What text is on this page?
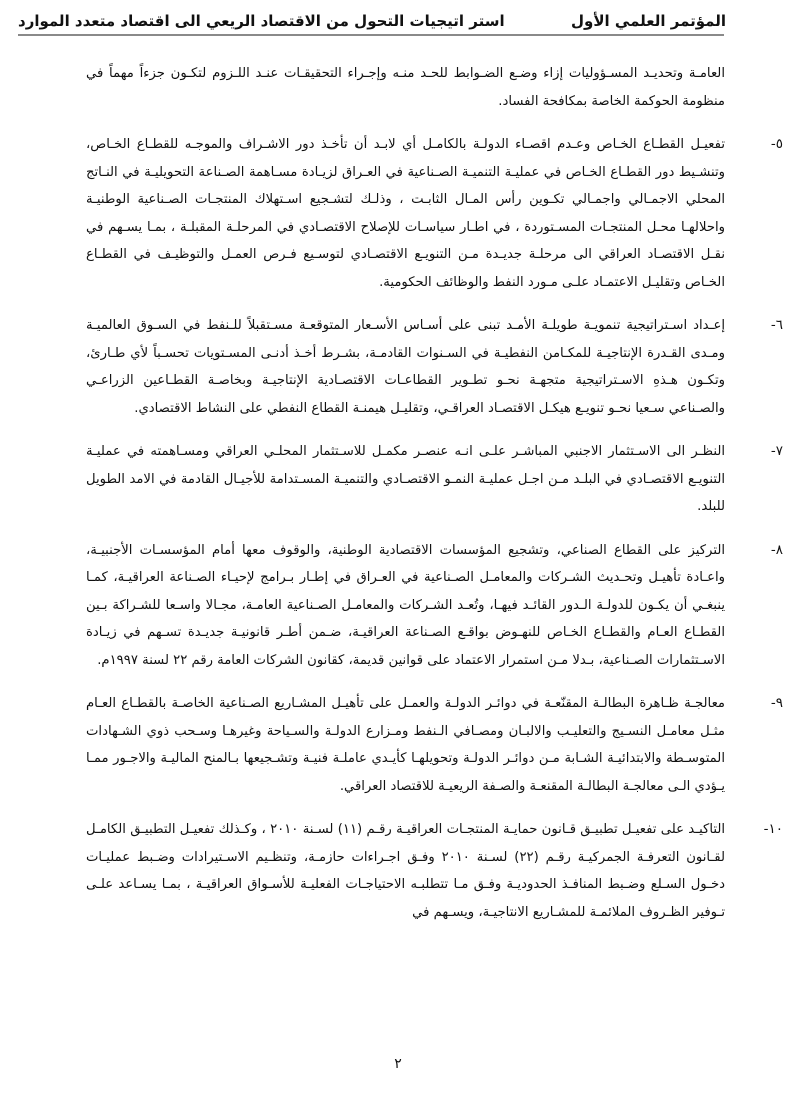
المؤتمر العلمي الأول
استر اتيجيات التحول من الاقتصاد الريعي الى اقتصاد متعدد الموارد

العامـة وتحديـد المسـؤوليات إزاء وضـع الضـوابط للحـد منـه وإجـراء التحقيقـات عنـد اللـزوم لتكـون جزءاً مهماً في منظومة الحوكمة الخاصة بمكافحة الفساد.

٥-

تفعيـل القطـاع الخـاص وعـدم اقصـاء الدولـة بالكامـل أي لابـد أن تأخـذ دور الاشـراف والموجـه للقطـاع الخـاص، وتنشـيط دور القطـاع الخـاص في عمليـة التنميـة الصـناعية في العـراق لزيـادة مسـاهمة الصـناعة التحويليـة في النـاتج المحلي الاجمـالي واجمـالي تكـوين رأس المـال الثابـت ، وذلـك لتشـجيع اسـتهلاك المنتجـات الصـناعية الوطنيـة واحلالهـا محـل المنتجـات المسـتوردة ، في اطـار سياسـات للإصلاح الاقتصـادي في المرحلـة المقبلـة ، بمـا يسـهم في نقـل الاقتصـاد العراقي الى مرحلـة جديـدة مـن التنويـع الاقتصـادي لتوسـيع فـرص العمـل والتوظيـف في القطـاع الخـاص وتقليـل الاعتمـاد علـى مـورد النفط والوظائف الحكومية.

٦-

إعـداد اسـتراتيجية تنمويـة طويلـة الأمـد تبنى على أسـاس الأسـعار المتوقعـة مسـتقبلاً للـنفط في السـوق العالميـة ومـدى القـدرة الإنتاجيـة للمكـامن النفطيـة في السـنوات القادمـة، بشـرط أخـذ أدنـى المسـتويات تحسـباً لأي طـارئ، وتكـون هـذهِ الاسـتراتيجية متجهـة نحـو تطـوير القطاعـات الاقتصـادية الإنتاجيـة وبخاصـة القطـاعين الزراعـي والصـناعي سـعيا نحـو تنويـع هيكـل الاقتصـاد العراقـي، وتقليـل هيمنـة القطاع النفطي على النشاط الاقتصادي.

٧-

النظـر الى الاسـتثمار الاجنبي المباشـر علـى انـه عنصـر مكمـل للاسـتثمار المحلـي العراقي ومسـاهمته في عمليـة التنويـع الاقتصـادي في البلـد مـن اجـل عمليـة النمـو الاقتصـادي والتنميـة المسـتدامة للأجيـال القادمة في الامد الطويل للبلد.

٨-

التركيز على القطاع الصناعي، وتشجيع المؤسسات الاقتصادية الوطنية، والوقوف معها أمام المؤسسـات الأجنبيـة، واعـادة تأهيـل وتحـديث الشـركات والمعامـل الصـناعية في العـراق في إطـار بـرامج لإحيـاء الصـناعة العراقيـة، كمـا ينبغـي أن يكـون للدولـة الـدور القائـد فيهـا، وتُعـد الشـركات والمعامـل الصـناعية العامـة، مجـالا واسـعا للشـراكة بـين القطـاع العـام والقطـاع الخـاص للنهـوض بواقـع الصـناعة العراقيـة، ضـمن أطـر قانونيـة جديـدة تسـهم في زيـادة الاسـتثمارات الصـناعية، بـدلا مـن استمرار الاعتماد على قوانين قديمة، كقانون الشركات العامة رقم ٢٢ لسنة ١٩٩٧م.

٩-

معالجـة ظـاهرة البطالـة المقنّعـة في دوائـر الدولـة والعمـل على تأهيـل المشـاريع الصـناعية الخاصـة بالقطـاع العـام مثـل معامـل النسـيج والتعليـب والالبـان ومصـافي الـنفط ومـزارع الدولـة والسـياحة وغيرهـا وسـحب ذوي الشـهادات المتوسـطة والابتدائيـة الشـابة مـن دوائـر الدولـة وتحويلهـا كأيـدي عاملـة فنيـة وتشـجيعها بـالمنح الماليـة والاجـور ممـا يـؤدي الـى معالجـة البطالـة المقنعـة والصـفة الريعيـة للاقتصاد العراقي.

١٠-

التاكيـد على تفعيـل تطبيـق قـانون حمايـة المنتجـات العراقيـة رقـم (١١) لسـنة ٢٠١٠ ، وكـذلك تفعيـل التطبيـق الكامـل لقـانون التعرفـة الجمركيـة رقـم (٢٢) لسـنة ٢٠١٠ وفـق اجـراءات حازمـة، وتنظـيم الاسـتيرادات وضـبط عمليـات دخـول السـلع وضـبط المنافـذ الحدوديـة وفـق مـا تتطلبـه الاحتياجـات الفعليـة للأسـواق العراقيـة ، بمـا يسـاعد علـى تـوفير الظـروف الملائمـة للمشـاريع الانتاجيـة، ويسـهم في

٢
